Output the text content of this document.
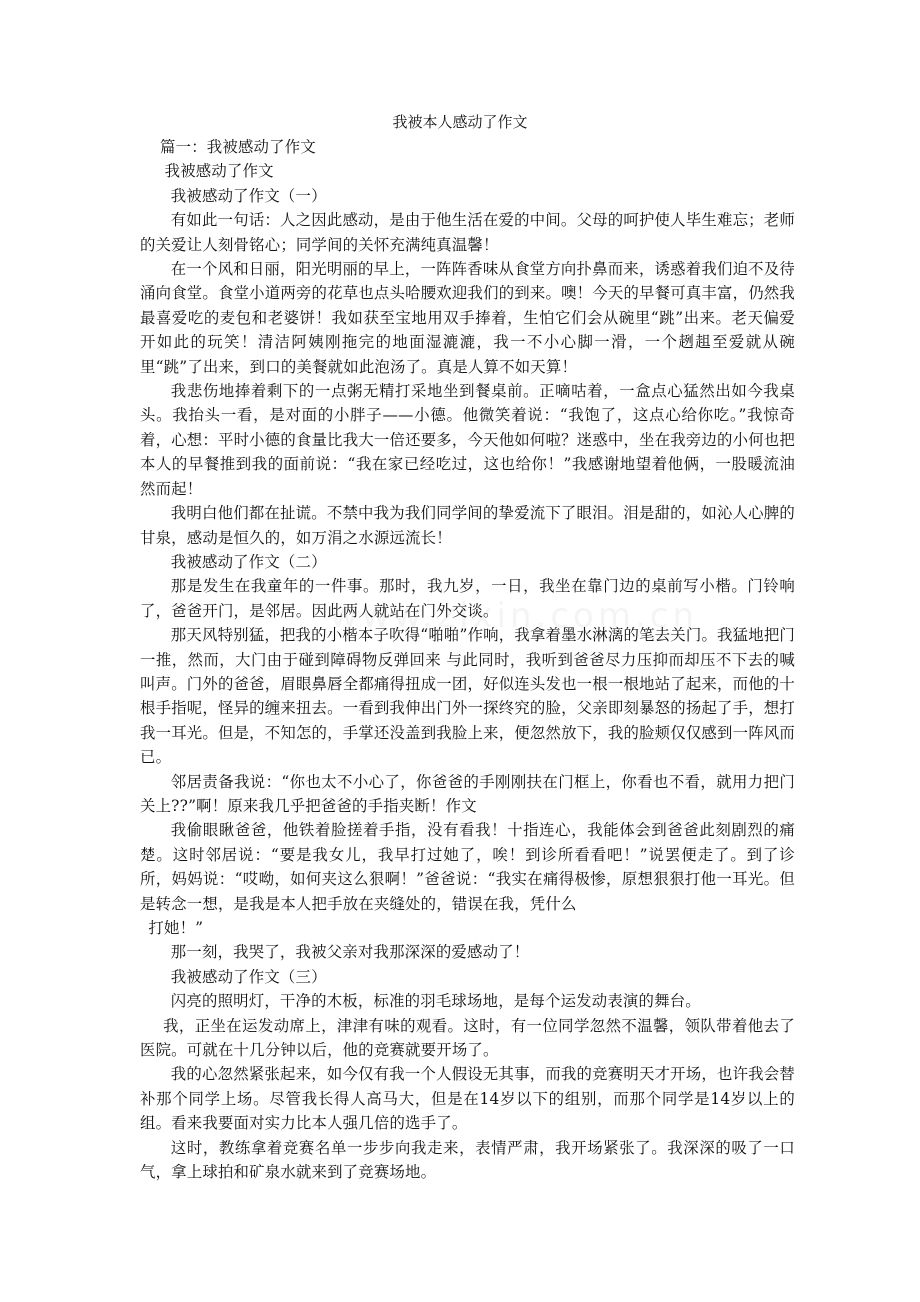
我被本人感动了作文

篇一：我被感动了作文

我被感动了作文

我被感动了作文（一）

有如此一句话：人之因此感动，是由于他生活在爱的中间。父母的呵护使人毕生难忘；老师的关爱让人刻骨铭心；同学间的关怀充满纯真温馨！

在一个风和日丽，阳光明丽的早上，一阵阵香味从食堂方向扑鼻而来，诱惑着我们迫不及待涌向食堂。食堂小道两旁的花草也点头哈腰欢迎我们的到来。噢！今天的早餐可真丰富，仍然我最喜爱吃的麦包和老婆饼！我如获至宝地用双手捧着，生怕它们会从碗里“跳”出来。老天偏爱开如此的玩笑！清洁阿姨刚拖完的地面湿漉漉，我一不小心脚一滑，一个趔趄至爱就从碗里“跳”了出来，到口的美餐就如此泡汤了。真是人算不如天算！

我悲伤地捧着剩下的一点粥无精打采地坐到餐桌前。正嘀咕着，一盒点心猛然出如今我桌头。我抬头一看，是对面的小胖子——小德。他微笑着说：“我饱了，这点心给你吃。”我惊奇着，心想：平时小德的食量比我大一倍还要多，今天他如何啦？迷惑中，坐在我旁边的小何也把本人的早餐推到我的面前说：“我在家已经吃过，这也给你！”我感谢地望着他俩，一股暖流油然而起！

我明白他们都在扯谎。不禁中我为我们同学间的挚爱流下了眼泪。泪是甜的，如沁人心脾的甘泉，感动是恒久的，如万涓之水源远流长！

我被感动了作文（二）

那是发生在我童年的一件事。那时，我九岁，一日，我坐在靠门边的桌前写小楷。门铃响了，爸爸开门，是邻居。因此两人就站在门外交谈。

那天风特别猛，把我的小楷本子吹得“啪啪”作响，我拿着墨水淋漓的笔去关门。我猛地把门一推，然而，大门由于碰到障碍物反弹回来 与此同时，我听到爸爸尽力压抑而却压不下去的喊叫声。门外的爸爸，眉眼鼻唇全都痛得扭成一团，好似连头发也一根一根地站了起来，而他的十根手指呢，怪异的缠来扭去。一看到我伸出门外一探终究的脸，父亲即刻暴怒的扬起了手，想打我一耳光。但是，不知怎的，手掌还没盖到我脸上来，便忽然放下，我的脸颊仅仅感到一阵风而已。

邻居责备我说：“你也太不小心了，你爸爸的手刚刚扶在门框上，你看也不看，就用力把门关上??”啊！原来我几乎把爸爸的手指夹断！作文

我偷眼瞅爸爸，他铁着脸搓着手指，没有看我！十指连心，我能体会到爸爸此刻剧烈的痛楚。这时邻居说：“要是我女儿，我早打过她了，唉！到诊所看看吧！”说罢便走了。到了诊所，妈妈说：“哎呦，如何夹这么狠啊！”爸爸说：“我实在痛得极惨，原想狠狠打他一耳光。但是转念一想，是我是本人把手放在夹缝处的，错误在我，凭什么

打她！”

那一刻，我哭了，我被父亲对我那深深的爱感动了！

我被感动了作文（三）

闪亮的照明灯，干净的木板，标准的羽毛球场地，是每个运发动表演的舞台。

我，正坐在运发动席上，津津有味的观看。这时，有一位同学忽然不温馨，领队带着他去了医院。可就在十几分钟以后，他的竞赛就要开场了。

我的心忽然紧张起来，如今仅有我一个人假设无其事，而我的竞赛明天才开场，也许我会替补那个同学上场。尽管我长得人高马大，但是在14岁以下的组别，而那个同学是14岁以上的组。看来我要面对实力比本人强几倍的选手了。

这时，教练拿着竞赛名单一步步向我走来，表情严肃，我开场紧张了。我深深的吸了一口气，拿上球拍和矿泉水就来到了竞赛场地。
